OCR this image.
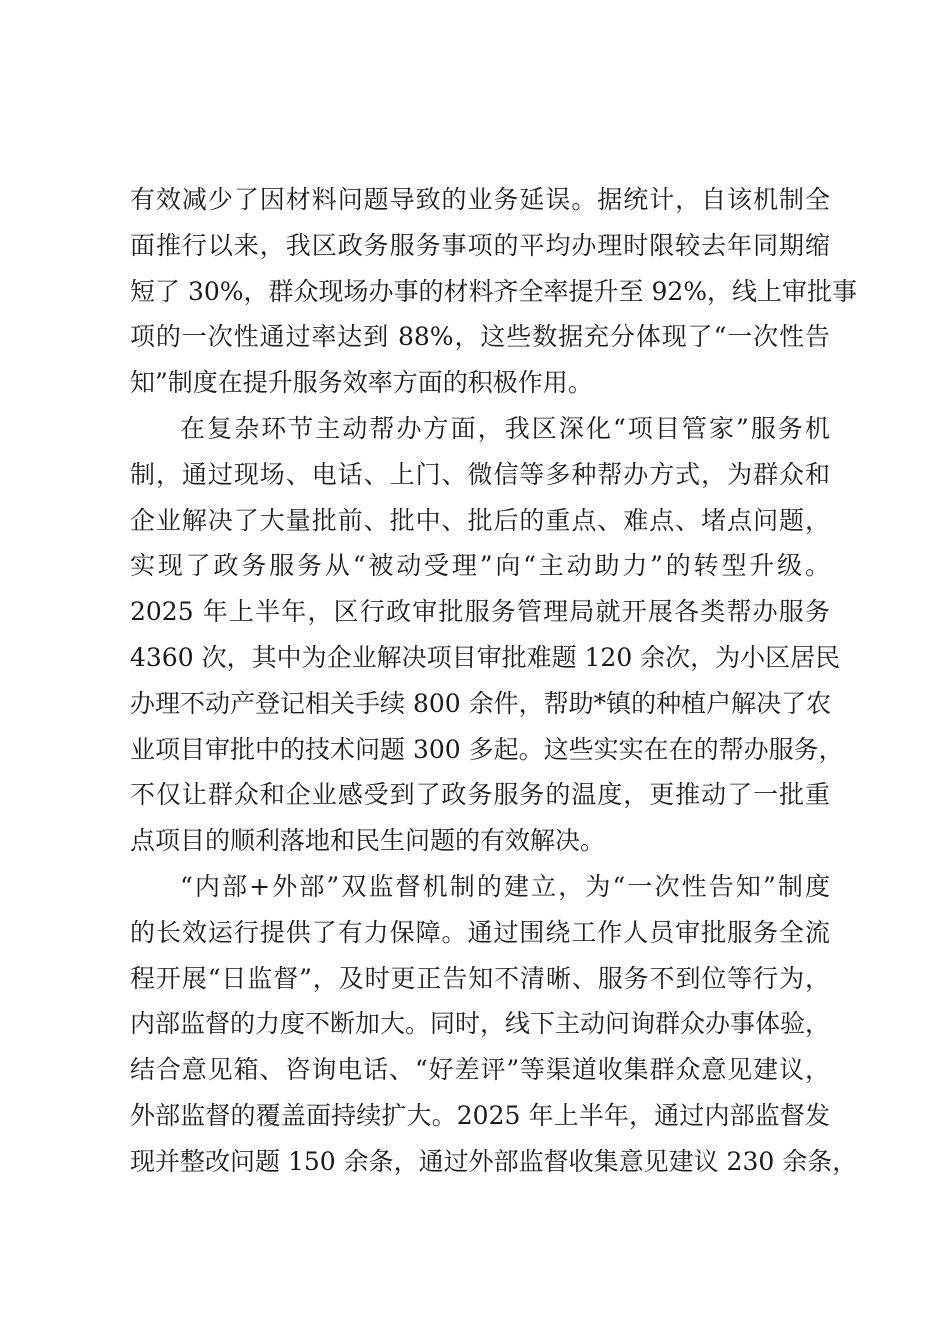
有效减少了因材料问题导致的业务延误。据统计，自该机制全
面推行以来，我区政务服务事项的平均办理时限较去年同期缩
短了 30%，群众现场办事的材料齐全率提升至 92%，线上审批事
项的一次性通过率达到 88%，这些数据充分体现了“一次性告
知”制度在提升服务效率方面的积极作用。
在复杂环节主动帮办方面，我区深化“项目管家”服务机
制，通过现场、电话、上门、微信等多种帮办方式，为群众和
企业解决了大量批前、批中、批后的重点、难点、堵点问题，
实现了政务服务从“被动受理”向“主动助力”的转型升级。
2025 年上半年，区行政审批服务管理局就开展各类帮办服务
4360 次，其中为企业解决项目审批难题 120 余次，为小区居民
办理不动产登记相关手续 800 余件，帮助*镇的种植户解决了农
业项目审批中的技术问题 300 多起。这些实实在在的帮办服务，
不仅让群众和企业感受到了政务服务的温度，更推动了一批重
点项目的顺利落地和民生问题的有效解决。
“内部+外部”双监督机制的建立，为“一次性告知”制度
的长效运行提供了有力保障。通过围绕工作人员审批服务全流
程开展“日监督”，及时更正告知不清晰、服务不到位等行为，
内部监督的力度不断加大。同时，线下主动问询群众办事体验，
结合意见箱、咨询电话、“好差评”等渠道收集群众意见建议，
外部监督的覆盖面持续扩大。2025 年上半年，通过内部监督发
现并整改问题 150 余条，通过外部监督收集意见建议 230 余条，
